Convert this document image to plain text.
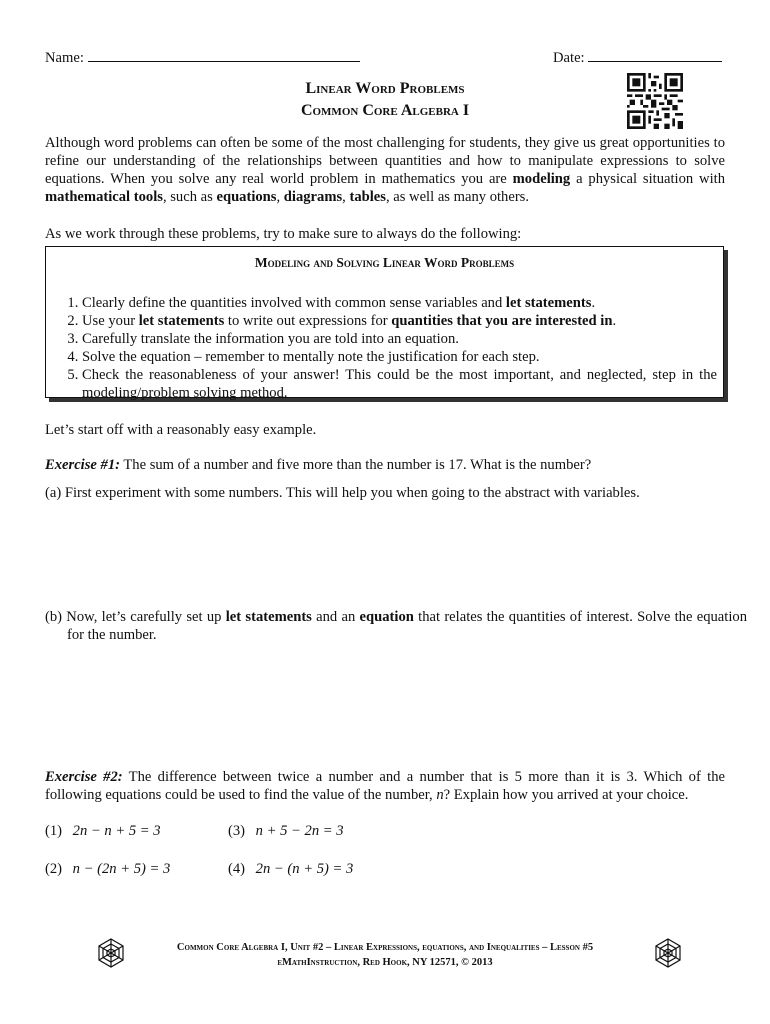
Name:	Date:
Linear Word Problems
Common Core Algebra I
Although word problems can often be some of the most challenging for students, they give us great opportunities to refine our understanding of the relationships between quantities and how to manipulate expressions to solve equations. When you solve any real world problem in mathematics you are modeling a physical situation with mathematical tools, such as equations, diagrams, tables, as well as many others.
As we work through these problems, try to make sure to always do the following:
Modeling and Solving Linear Word Problems
1. Clearly define the quantities involved with common sense variables and let statements.
2. Use your let statements to write out expressions for quantities that you are interested in.
3. Carefully translate the information you are told into an equation.
4. Solve the equation – remember to mentally note the justification for each step.
5. Check the reasonableness of your answer! This could be the most important, and neglected, step in the modeling/problem solving method.
Let’s start off with a reasonably easy example.
Exercise #1: The sum of a number and five more than the number is 17. What is the number?
(a) First experiment with some numbers. This will help you when going to the abstract with variables.
(b) Now, let’s carefully set up let statements and an equation that relates the quantities of interest. Solve the equation for the number.
Exercise #2: The difference between twice a number and a number that is 5 more than it is 3. Which of the following equations could be used to find the value of the number, n? Explain how you arrived at your choice.
(1) 2n − n + 5 = 3	(3) n + 5 − 2n = 3
(2) n − (2n + 5) = 3	(4) 2n − (n + 5) = 3
Common Core Algebra I, Unit #2 – Linear Expressions, equations, and Inequalities – Lesson #5
eMathInstruction, Red Hook, NY 12571, © 2013
